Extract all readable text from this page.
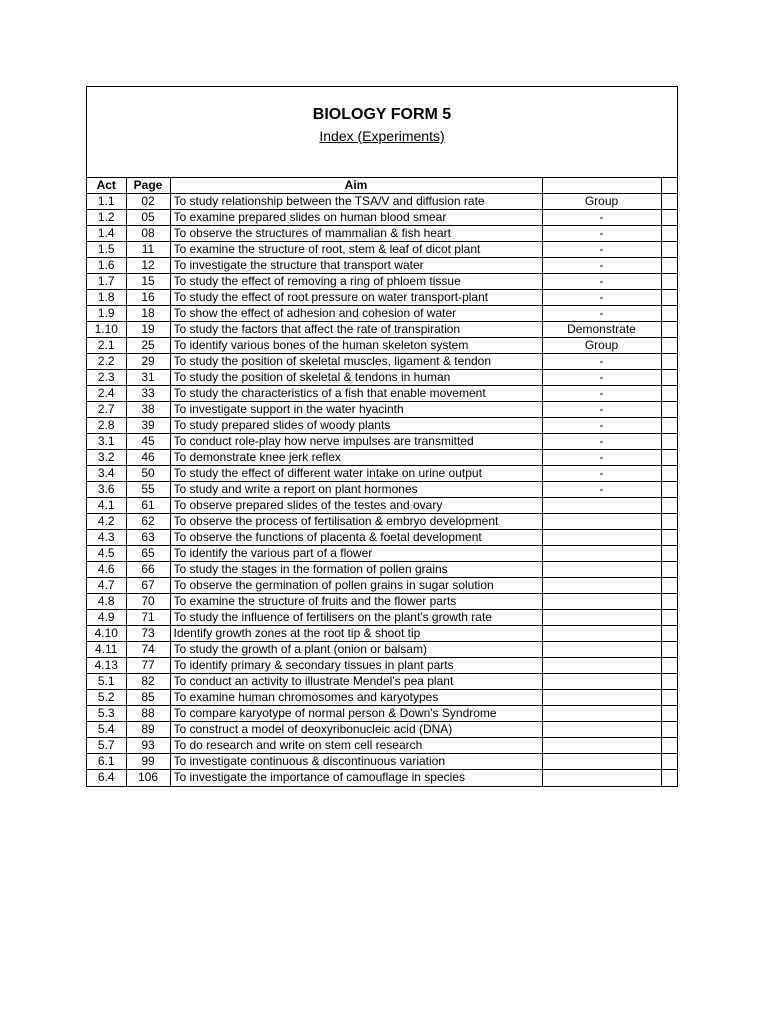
BIOLOGY FORM 5
Index (Experiments)
Act	Page	Aim		
1.1	02	To study relationship between the TSA/V and diffusion rate	Group	
1.2	05	To examine prepared slides on human blood smear	-	
1.4	08	To observe the structures of mammalian & fish heart	-	
1.5	11	To examine the structure of root, stem & leaf of dicot plant	-	
1.6	12	To investigate the structure that transport water	-	
1.7	15	To study the effect of removing a ring of phloem tissue	-	
1.8	16	To study the effect of root pressure on water transport-plant	-	
1.9	18	To show the effect of adhesion and cohesion of water	-	
1.10	19	To study the factors that affect the rate of transpiration	Demonstrate	
2.1	25	To identify various bones of the human skeleton system	Group	
2.2	29	To study the position of skeletal muscles, ligament & tendon	-	
2.3	31	To study the position of skeletal & tendons in human	-	
2.4	33	To study the characteristics of a fish that enable movement	-	
2.7	38	To investigate support in the water hyacinth	-	
2.8	39	To study prepared slides of woody plants	-	
3.1	45	To conduct role-play how nerve impulses are transmitted	-	
3.2	46	To demonstrate knee jerk reflex	-	
3.4	50	To study the effect of different water intake on urine output	-	
3.6	55	To study and write a report on plant hormones	-	
4.1	61	To observe prepared slides of the testes and ovary		
4.2	62	To observe the process of fertilisation & embryo development		
4.3	63	To observe the functions of placenta & foetal development		
4.5	65	To identify the various part of a flower		
4.6	66	To study the stages in the formation of pollen grains		
4.7	67	To observe the germination of pollen grains in sugar solution		
4.8	70	To examine the structure of fruits and the flower parts		
4.9	71	To study the influence of fertilisers on the plant's growth rate		
4.10	73	Identify growth zones at the root tip & shoot tip		
4.11	74	To study the growth of a plant (onion or balsam)		
4.13	77	To identify primary & secondary tissues in plant parts		
5.1	82	To conduct an activity to illustrate Mendel's pea plant		
5.2	85	To examine human chromosomes and karyotypes		
5.3	88	To compare karyotype of normal person & Down's Syndrome		
5.4	89	To construct a model of deoxyribonucleic acid (DNA)		
5.7	93	To do research and write on stem cell research		
6.1	99	To investigate continuous & discontinuous variation		
6.4	106	To investigate the importance of camouflage in species		
